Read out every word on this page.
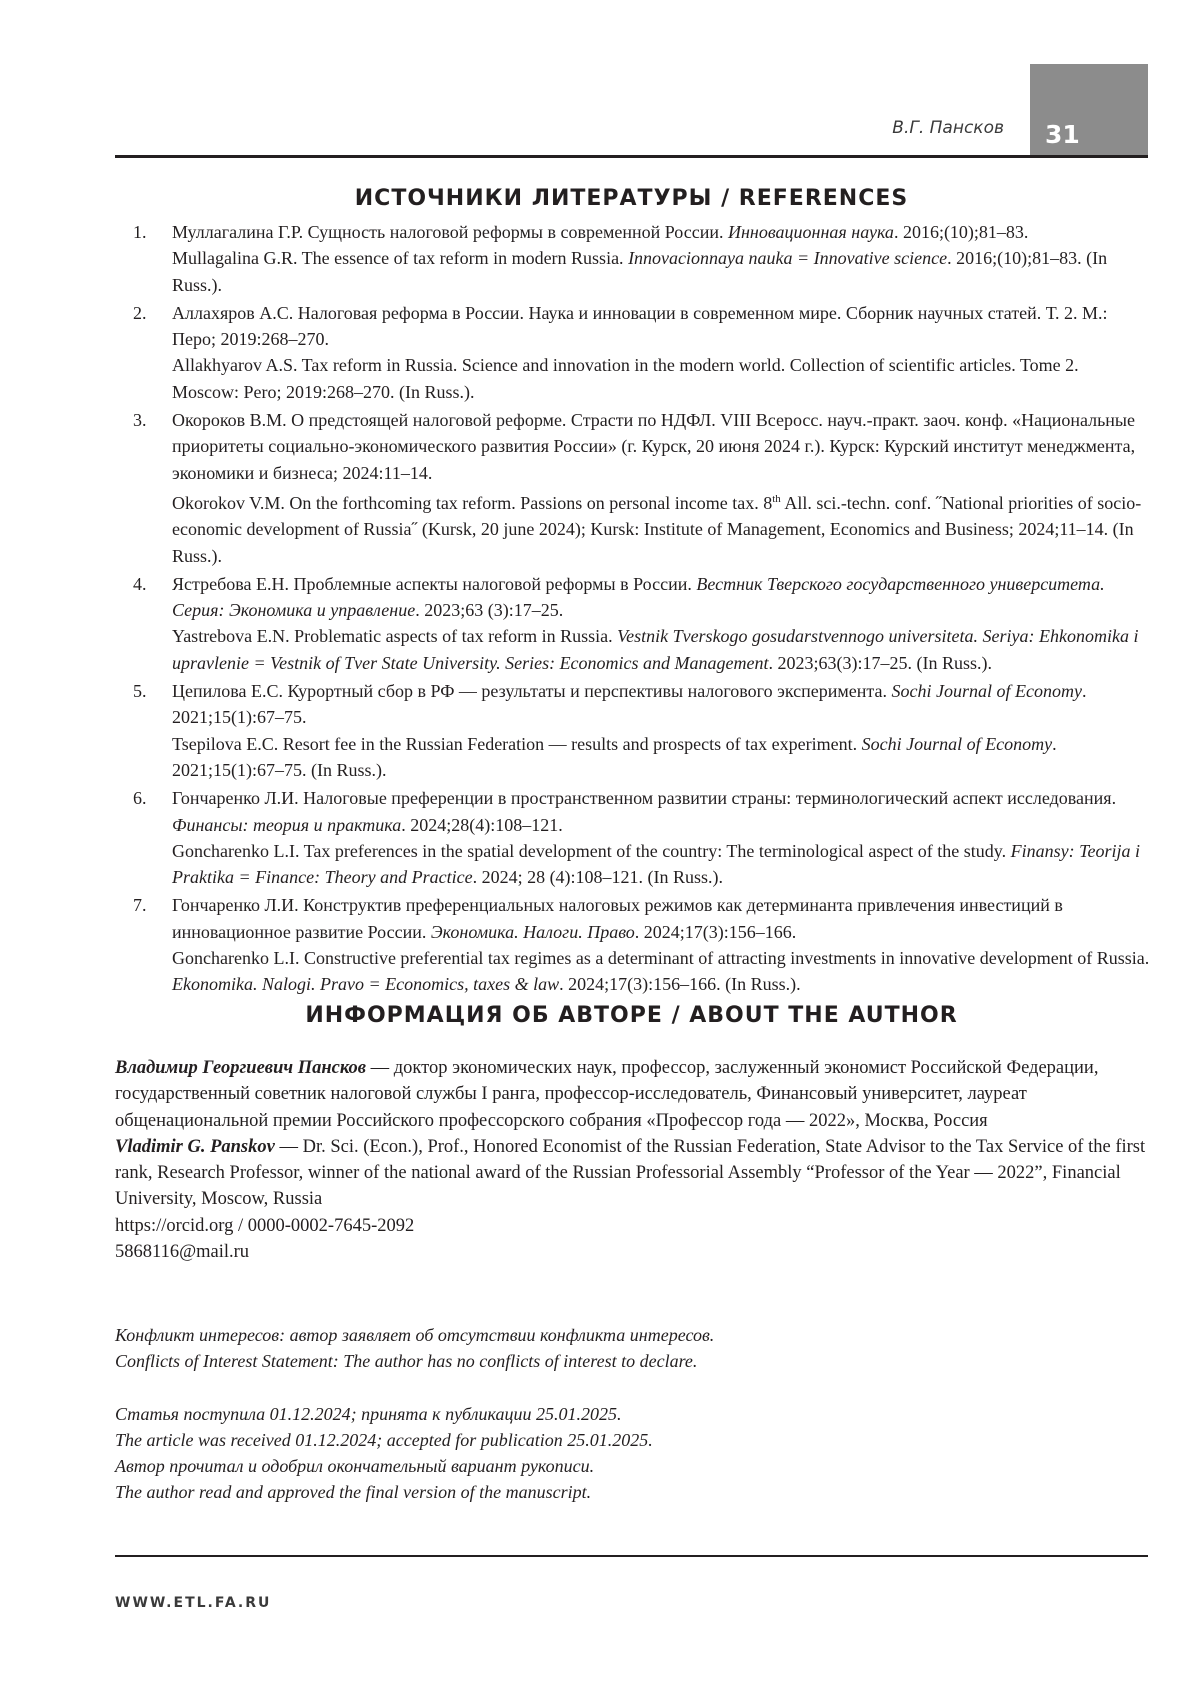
В.Г. Пансков 31
ИСТОЧНИКИ ЛИТЕРАТУРЫ / REFERENCES
1.	Муллагалина Г.Р. Сущность налоговой реформы в современной России. Инновационная наука. 2016;(10);81–83.

Mullagalina G.R. The essence of tax reform in modern Russia. Innovacionnaya nauka = Innovative science. 2016;(10);81–83. (In Russ.).

2.	Аллахяров А.С. Налоговая реформа в России. Наука и инновации в современном мире. Сборник научных статей. Т. 2. М.: Перо; 2019:268–270.

Allakhyarov A.S. Tax reform in Russia. Science and innovation in the modern world. Collection of scientific articles. Tome 2. Moscow: Pero; 2019:268–270. (In Russ.).

3.	Окороков В.М. О предстоящей налоговой реформе. Страсти по НДФЛ. VIII Всеросс. науч.-практ. заоч. конф. «Национальные приоритеты социально-экономического развития России» (г. Курск, 20 июня 2024 г.). Курск: Курский институт менеджмента, экономики и бизнеса; 2024:11–14.

Okorokov V.M. On the forthcoming tax reform. Passions on personal income tax. 8th All. sci.-techn. conf. ˝National priorities of socio-economic development of Russia˝ (Kursk, 20 june 2024); Kursk: Institute of Management, Economics and Business; 2024;11–14. (In Russ.).

4.	Ястребова Е.Н. Проблемные аспекты налоговой реформы в России. Вестник Тверского государственного университета. Серия: Экономика и управление. 2023;63 (3):17–25.

Yastrebova E.N. Problematic aspects of tax reform in Russia. Vestnik Tverskogo gosudarstvennogo universiteta. Seriya: Ehkonomika i upravlenie = Vestnik of Tver State University. Series: Economics and Management. 2023;63(3):17–25. (In Russ.).

5.	Цепилова Е.С. Курортный сбор в РФ — результаты и перспективы налогового эксперимента. Sochi Journal of Economy. 2021;15(1):67–75.

Tsepilova E.C. Resort fee in the Russian Federation — results and prospects of tax experiment. Sochi Journal of Economy. 2021;15(1):67–75. (In Russ.).

6.	Гончаренко Л.И. Налоговые преференции в пространственном развитии страны: терминологический аспект исследования. Финансы: теория и практика. 2024;28(4):108–121.

Goncharenko L.I. Tax preferences in the spatial development of the country: The terminological aspect of the study. Finansy: Teorija i Praktika = Finance: Theory and Practice. 2024; 28 (4):108–121. (In Russ.).

7.	Гончаренко Л.И. Конструктив преференциальных налоговых режимов как детерминанта привлечения инвестиций в инновационное развитие России. Экономика. Налоги. Право. 2024;17(3):156–166.

Goncharenko L.I. Constructive preferential tax regimes as a determinant of attracting investments in innovative development of Russia. Ekonomika. Nalogi. Pravo = Economics, taxes & law. 2024;17(3):156–166. (In Russ.).

ИНФОРМАЦИЯ ОБ АВТОРЕ / ABOUT THE AUTHOR

Владимир Георгиевич Пансков — доктор экономических наук, профессор, заслуженный экономист Российской Федерации, государственный советник налоговой службы I ранга, профессор-исследователь, Финансовый университет, лауреат общенациональной премии Российского профессорского собрания «Профессор года — 2022», Москва, Россия

Vladimir G. Panskov — Dr. Sci. (Econ.), Prof., Honored Economist of the Russian Federation, State Advisor to the Tax Service of the first rank, Research Professor, winner of the national award of the Russian Professorial Assembly “Professor of the Year — 2022”, Financial University, Moscow, Russia

https://orcid.org / 0000-0002-7645-2092

5868116@mail.ru

Конфликт интересов: автор заявляет об отсутствии конфликта интересов.

Conflicts of Interest Statement: The author has no conflicts of interest to declare.

Статья поступила 01.12.2024; принята к публикации 25.01.2025.

The article was received 01.12.2024; accepted for publication 25.01.2025.

Автор прочитал и одобрил окончательный вариант рукописи.

The author read and approved the final version of the manuscript.

WWW.ETL.FA.RU
